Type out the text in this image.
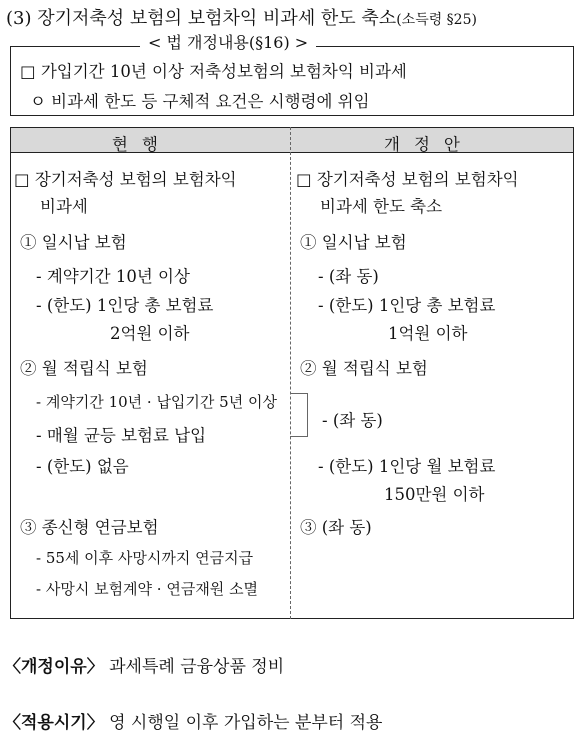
(3) 장기저축성 보험의 보험차익 비과세 한도 축소(소득령 §25)
< 법 개정내용(§16) >
□ 가입기간 10년 이상 저축성보험의 보험차익 비과세
ㅇ 비과세 한도 등 구체적 요건은 시행령에 위임
현행	개정안
□ 장기저축성 보험의 보험차익
비과세
① 일시납 보험
- 계약기간 10년 이상
- (한도) 1인당 총 보험료
2억원 이하
② 월 적립식 보험
- 계약기간 10년 · 납입기간 5년 이상
- 매월 균등 보험료 납입
- (한도) 없음
③ 종신형 연금보험
- 55세 이후 사망시까지 연금지급
- 사망시 보험계약 · 연금재원 소멸
□ 장기저축성 보험의 보험차익
비과세 한도 축소
① 일시납 보험
- (좌 동)
- (한도) 1인당 총 보험료
1억원 이하
② 월 적립식 보험
- (좌 동)
- (한도) 1인당 월 보험료
150만원 이하
③ (좌 동)
〈개정이유〉 과세특례 금융상품 정비
〈적용시기〉 영 시행일 이후 가입하는 분부터 적용
